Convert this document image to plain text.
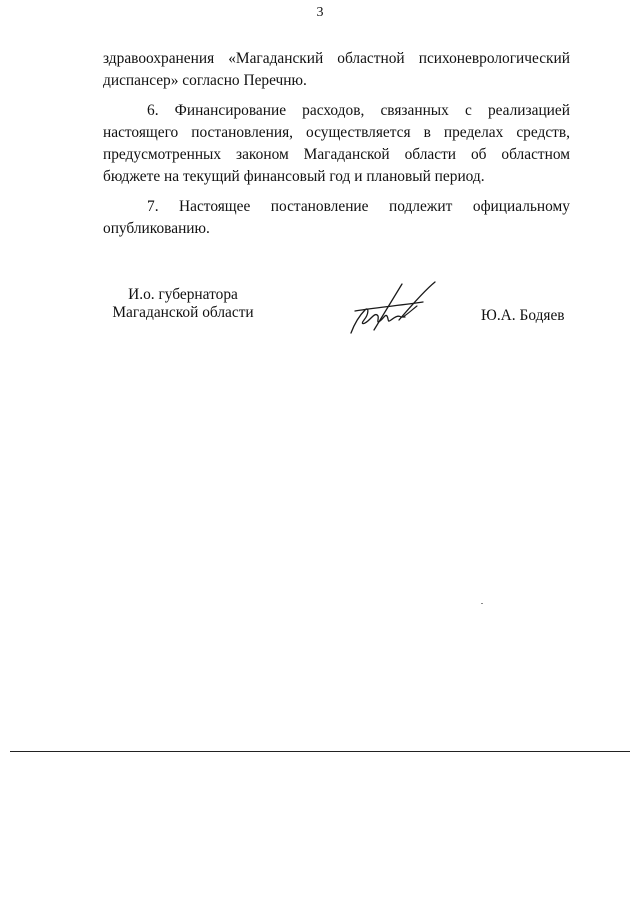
3

здравоохранения «Магаданский областной психоневрологический диспансер» согласно Перечню.

6. Финансирование расходов, связанных с реализацией настоящего постановления, осуществляется в пределах средств, предусмотренных законом Магаданской области об областном бюджете на текущий финансовый год и плановый период.

7. Настоящее постановление подлежит официальному опубликованию.

И.о. губернатора
Магаданской области	Ю.А. Бодяев
